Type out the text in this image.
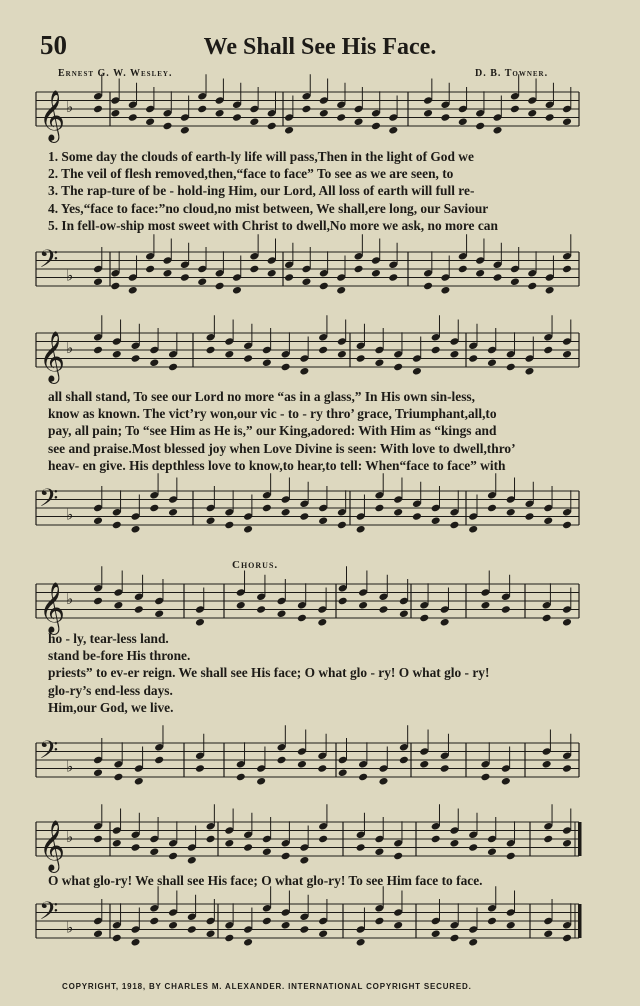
50	We Shall See His Face.
Ernest G. W. Wesley.	D. B. Towner.
𝄞 ♭
1. Some day the clouds of earth-ly life will pass,Then in the light of God we
2. The veil of flesh removed,then,“face to face” To see as we are seen, to
3. The rap-ture of be - hold-ing Him, our Lord, All loss of earth will full re-
4. Yes,“face to face:”no cloud,no mist between, We shall,ere long, our Saviour
5. In fell-ow-ship most sweet with Christ to dwell,No more we ask, no more can
𝄢 ♭
𝄞 ♭
all shall stand, To see our Lord no more “as in a glass,” In His own sin-less,
know as known. The vict’ry won,our vic - to - ry thro’ grace, Triumphant,all,to
pay, all pain; To “see Him as He is,” our King,adored: With Him as “kings and
see and praise.Most blessed joy when Love Divine is seen: With love to dwell,thro’
heav- en give. His depthless love to know,to hear,to tell: When“face to face” with
𝄢 ♭
Chorus.
𝄞 ♭
ho - ly, tear-less land.
stand be-fore His throne.
priests” to ev-er reign. We shall see His face; O what glo - ry! O what glo - ry!
glo-ry’s end-less days.
Him,our God, we live.
𝄢 ♭
𝄞 ♭
O what glo-ry! We shall see His face; O what glo-ry! To see Him face to face.
𝄢 ♭
COPYRIGHT, 1918, BY CHARLES M. ALEXANDER. INTERNATIONAL COPYRIGHT SECURED.
